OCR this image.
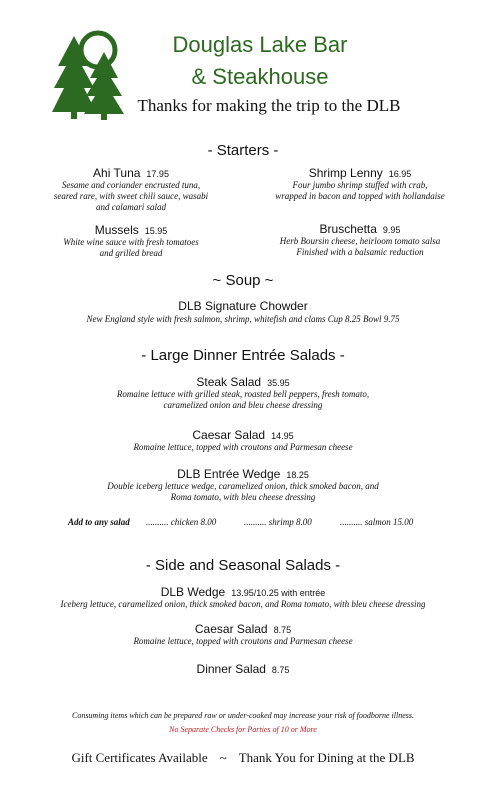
Douglas Lake Bar
& Steakhouse
Thanks for making the trip to the DLB
- Starters -
Ahi Tuna 17.95
Sesame and coriander encrusted tuna,
seared rare, with sweet chili sauce, wasabi
and calamari salad
Shrimp Lenny 16.95
Four jumbo shrimp stuffed with crab,
wrapped in bacon and topped with hollandaise
Mussels 15.95
White wine sauce with fresh tomatoes
and grilled bread
Bruschetta 9.95
Herb Boursin cheese, heirloom tomato salsa
Finished with a balsamic reduction
~ Soup ~
DLB Signature Chowder
New England style with fresh salmon, shrimp, whitefish and clams Cup 8.25 Bowl 9.75
- Large Dinner Entrée Salads -
Steak Salad 35.95
Romaine lettuce with grilled steak, roasted bell peppers, fresh tomato,
caramelized onion and bleu cheese dressing
Caesar Salad 14.95
Romaine lettuce, topped with croutons and Parmesan cheese
DLB Entrée Wedge 18.25
Double iceberg lettuce wedge, caramelized onion, thick smoked bacon, and
Roma tomato, with bleu cheese dressing
Add to any salad .......... chicken 8.00	.......... shrimp 8.00	.......... salmon 15.00
- Side and Seasonal Salads -
DLB Wedge 13.95/10.25 with entrée
Iceberg lettuce, caramelized onion, thick smoked bacon, and Roma tomato, with bleu cheese dressing
Caesar Salad 8.75
Romaine lettuce, topped with croutons and Parmesan cheese
Dinner Salad 8.75
Consuming items which can be prepared raw or under-cooked may increase your risk of foodborne illness.
No Separate Checks for Parties of 10 or More
Gift Certificates Available ~ Thank You for Dining at the DLB
